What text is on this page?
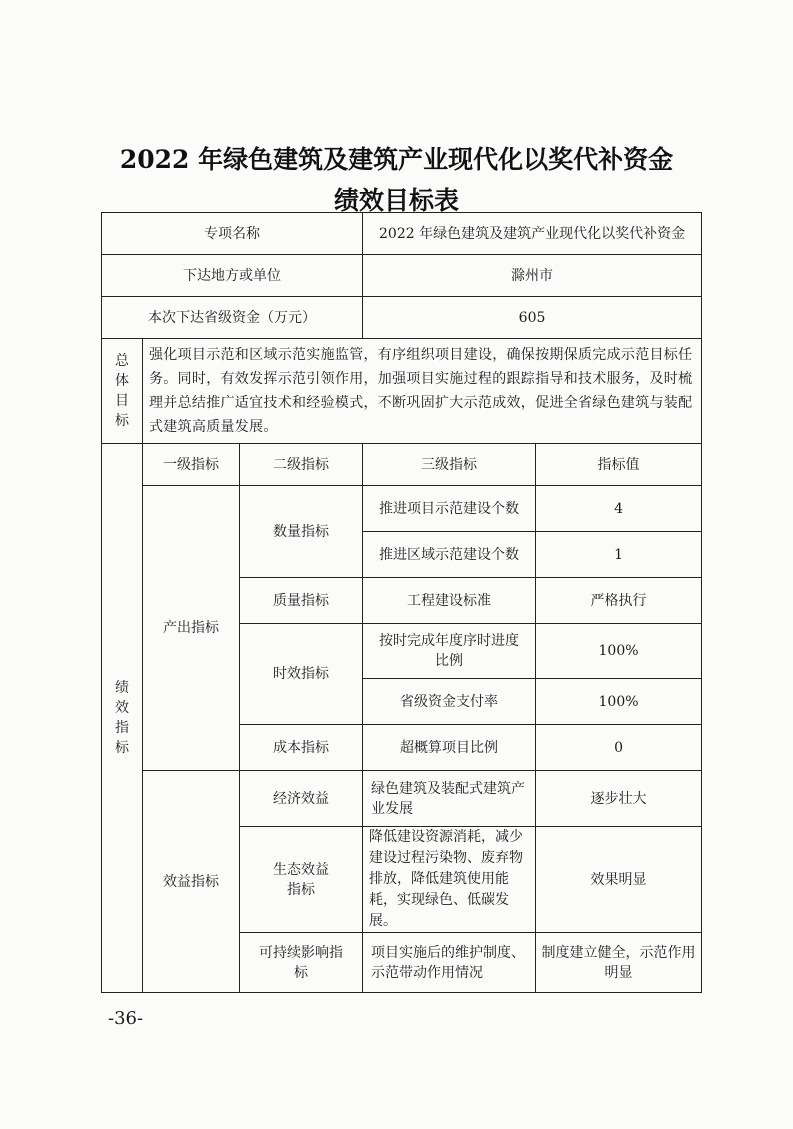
2022 年绿色建筑及建筑产业现代化以奖代补资金
绩效目标表
专项名称			2022 年绿色建筑及建筑产业现代化以奖代补资金	
下达地方或单位			滁州市	
本次下达省级资金（万元）			605	
总体目标	强化项目示范和区域示范实施监管，有序组织项目建设，确保按期保质完成示范目标任务。同时，有效发挥示范引领作用，加强项目实施过程的跟踪指导和技术服务，及时梳理并总结推广适宜技术和经验模式，不断巩固扩大示范成效，促进全省绿色建筑与装配式建筑高质量发展。			
绩效指标	一级指标	二级指标	三级指标	指标值
	产出指标	数量指标	推进项目示范建设个数	4
			推进区域示范建设个数	1
		质量指标	工程建设标准	严格执行
		时效指标	按时完成年度序时进度比例	100%
			省级资金支付率	100%
		成本指标	超概算项目比例	0
	效益指标	经济效益	绿色建筑及装配式建筑产业发展	逐步壮大
		生态效益指标	降低建设资源消耗，减少建设过程污染物、废弃物排放，降低建筑使用能耗，实现绿色、低碳发展。	效果明显
		可持续影响指标	项目实施后的维护制度、示范带动作用情况	制度建立健全，示范作用明显
-36-
